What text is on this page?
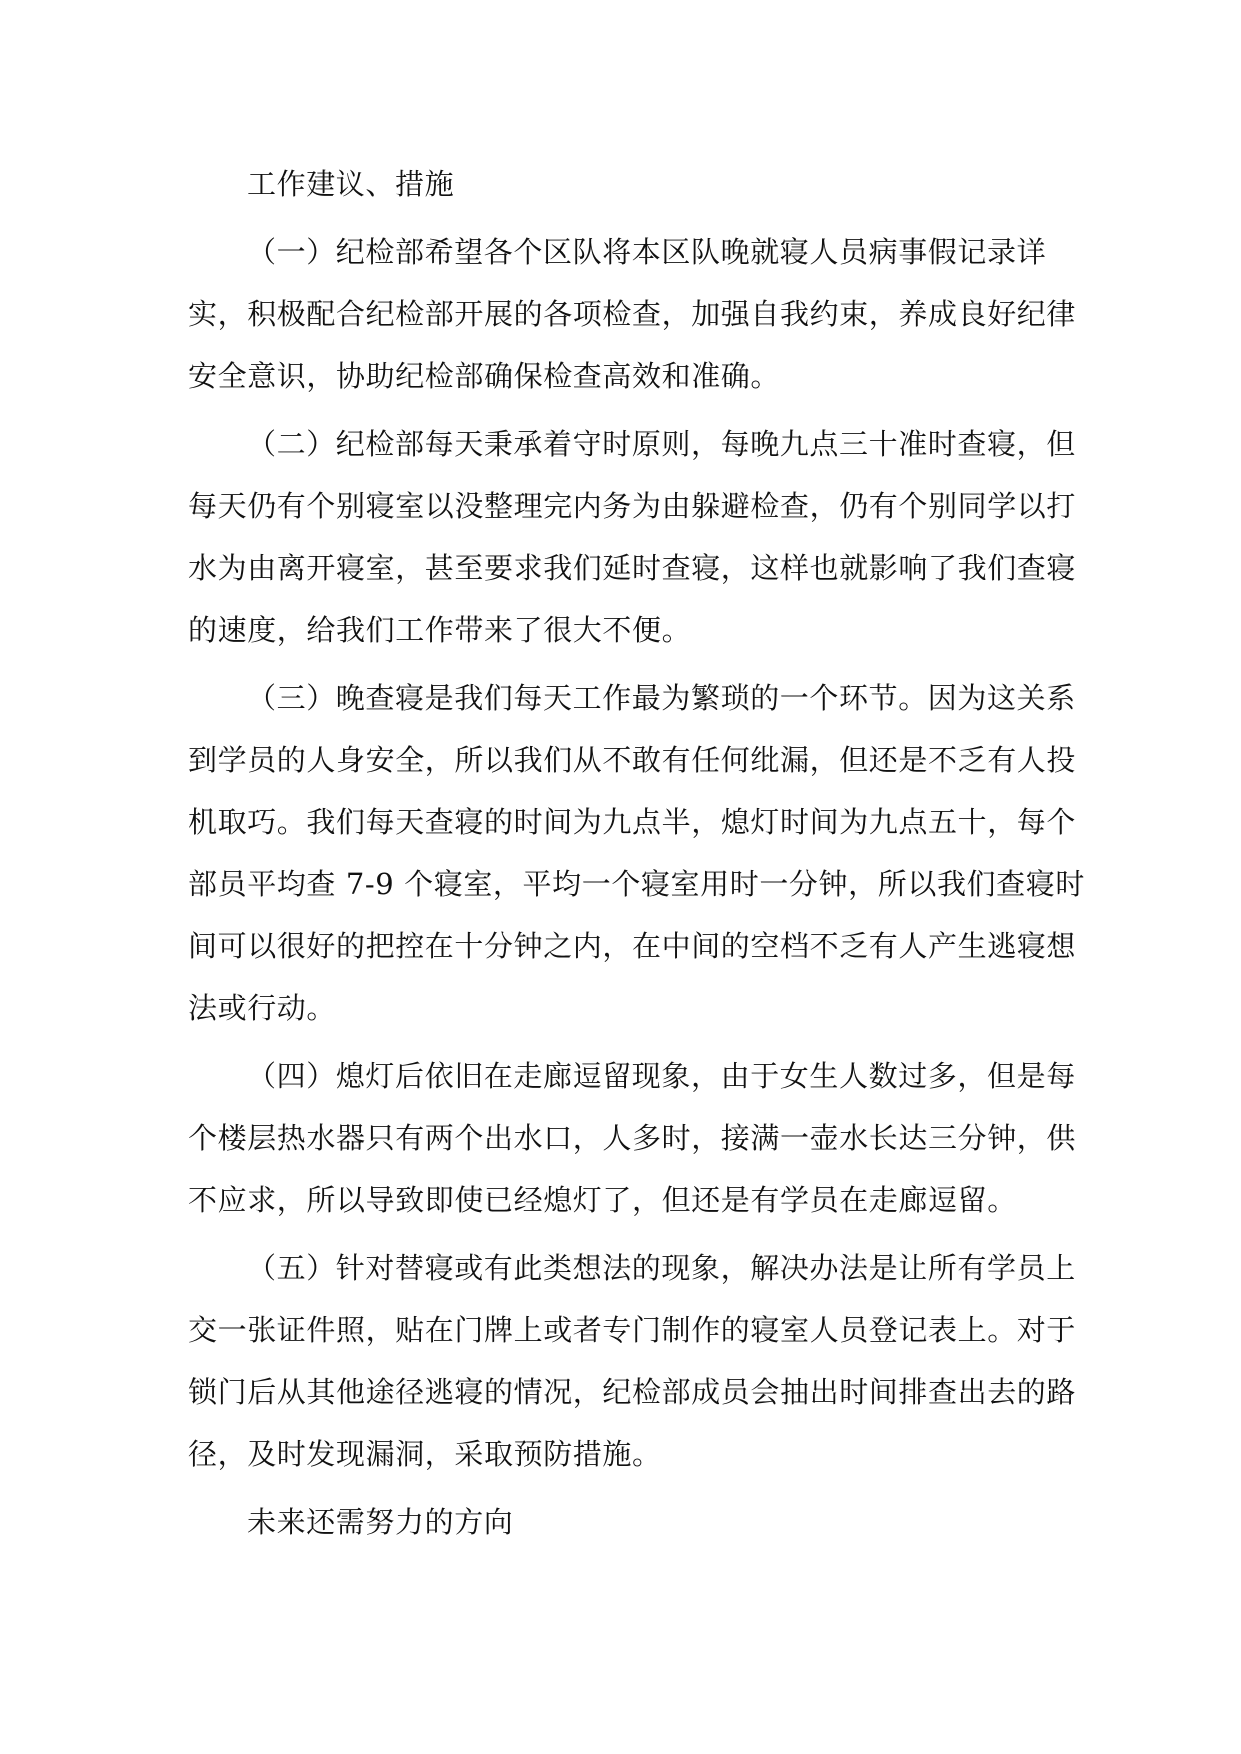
工作建议、措施
（一）纪检部希望各个区队将本区队晚就寝人员病事假记录详
实，积极配合纪检部开展的各项检查，加强自我约束，养成良好纪律
安全意识，协助纪检部确保检查高效和准确。
（二）纪检部每天秉承着守时原则，每晚九点三十准时查寝，但
每天仍有个别寝室以没整理完内务为由躲避检查，仍有个别同学以打
水为由离开寝室，甚至要求我们延时查寝，这样也就影响了我们查寝
的速度，给我们工作带来了很大不便。
（三）晚查寝是我们每天工作最为繁琐的一个环节。因为这关系
到学员的人身安全，所以我们从不敢有任何纰漏，但还是不乏有人投
机取巧。我们每天查寝的时间为九点半，熄灯时间为九点五十，每个
部员平均查 7-9 个寝室，平均一个寝室用时一分钟，所以我们查寝时
间可以很好的把控在十分钟之内，在中间的空档不乏有人产生逃寝想
法或行动。
（四）熄灯后依旧在走廊逗留现象，由于女生人数过多，但是每
个楼层热水器只有两个出水口，人多时，接满一壶水长达三分钟，供
不应求，所以导致即使已经熄灯了，但还是有学员在走廊逗留。
（五）针对替寝或有此类想法的现象，解决办法是让所有学员上
交一张证件照，贴在门牌上或者专门制作的寝室人员登记表上。对于
锁门后从其他途径逃寝的情况，纪检部成员会抽出时间排查出去的路
径，及时发现漏洞，采取预防措施。
未来还需努力的方向
